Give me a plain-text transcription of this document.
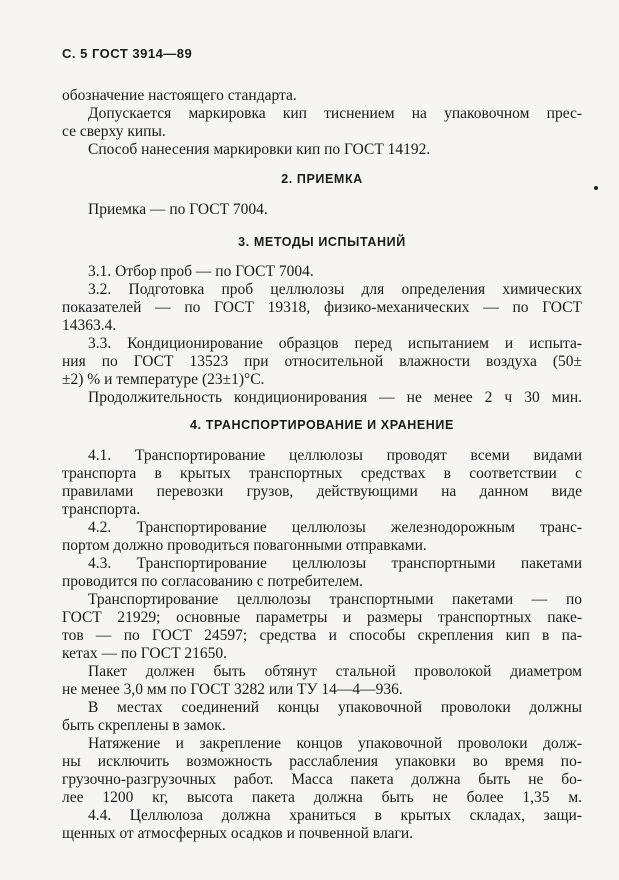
С. 5 ГОСТ 3914—89
обозначение настоящего стандарта.
Допускается маркировка кип тиснением на упаковочном прес-
се сверху кипы.
Способ нанесения маркировки кип по ГОСТ 14192.
2. ПРИЕМКА
Приемка — по ГОСТ 7004.
3. МЕТОДЫ ИСПЫТАНИЙ
3.1. Отбор проб — по ГОСТ 7004.
3.2. Подготовка проб целлюлозы для определения химических
показателей — по ГОСТ 19318, физико-механических — по ГОСТ
14363.4.
3.3. Кондиционирование образцов перед испытанием и испыта-
ния по ГОСТ 13523 при относительной влажности воздуха (50±
±2) % и температуре (23±1)°С.
Продолжительность кондиционирования — не менее 2 ч 30 мин.
4. ТРАНСПОРТИРОВАНИЕ И ХРАНЕНИЕ
4.1. Транспортирование целлюлозы проводят всеми видами
транспорта в крытых транспортных средствах в соответствии с
правилами перевозки грузов, действующими на данном виде
транспорта.
4.2. Транспортирование целлюлозы железнодорожным транс-
портом должно проводиться повагонными отправками.
4.3. Транспортирование целлюлозы транспортными пакетами
проводится по согласованию с потребителем.
Транспортирование целлюлозы транспортными пакетами — по
ГОСТ 21929; основные параметры и размеры транспортных пакe-
тов — по ГОСТ 24597; средства и способы скрепления кип в па-
кетах — по ГОСТ 21650.
Пакет должен быть обтянут стальной проволокой диаметром
не менее 3,0 мм по ГОСТ 3282 или ТУ 14—4—936.
В местах соединений концы упаковочной проволоки должны
быть скреплены в замок.
Натяжение и закрепление концов упаковочной проволоки долж-
ны исключить возможность расслабления упаковки во время по-
грузочно-разгрузочных работ. Масса пакета должна быть не бо-
лее 1200 кг, высота пакета должна быть не более 1,35 м.
4.4. Целлюлоза должна храниться в крытых складах, защи-
щенных от атмосферных осадков и почвенной влаги.
